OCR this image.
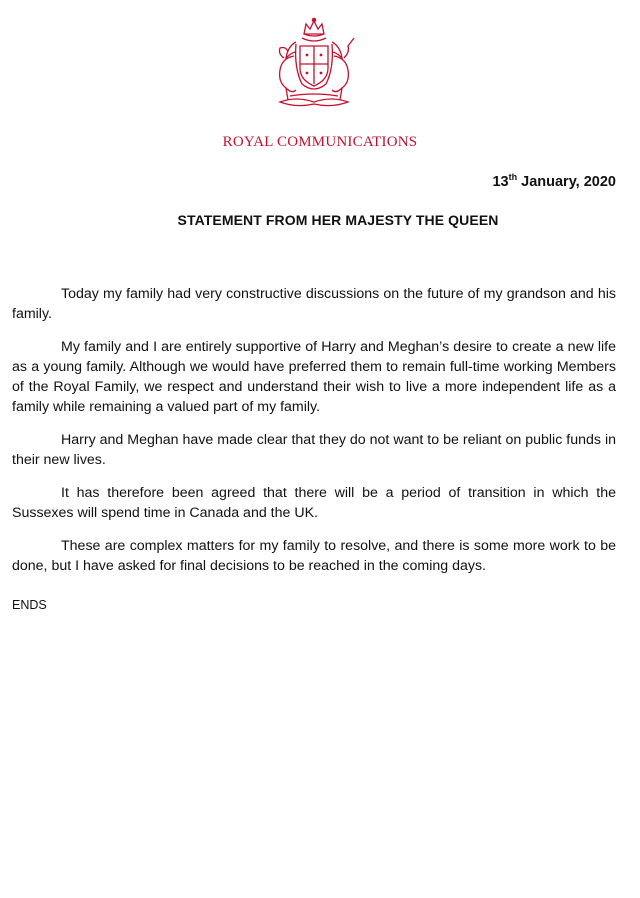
ROYAL COMMUNICATIONS
13th January, 2020
STATEMENT FROM HER MAJESTY THE QUEEN

Today my family had very constructive discussions on the future of my grandson and his family.

My family and I are entirely supportive of Harry and Meghan’s desire to create a new life as a young family. Although we would have preferred them to remain full-time working Members of the Royal Family, we respect and understand their wish to live a more independent life as a family while remaining a valued part of my family.

Harry and Meghan have made clear that they do not want to be reliant on public funds in their new lives.

It has therefore been agreed that there will be a period of transition in which the Sussexes will spend time in Canada and the UK.

These are complex matters for my family to resolve, and there is some more work to be done, but I have asked for final decisions to be reached in the coming days.

ENDS
